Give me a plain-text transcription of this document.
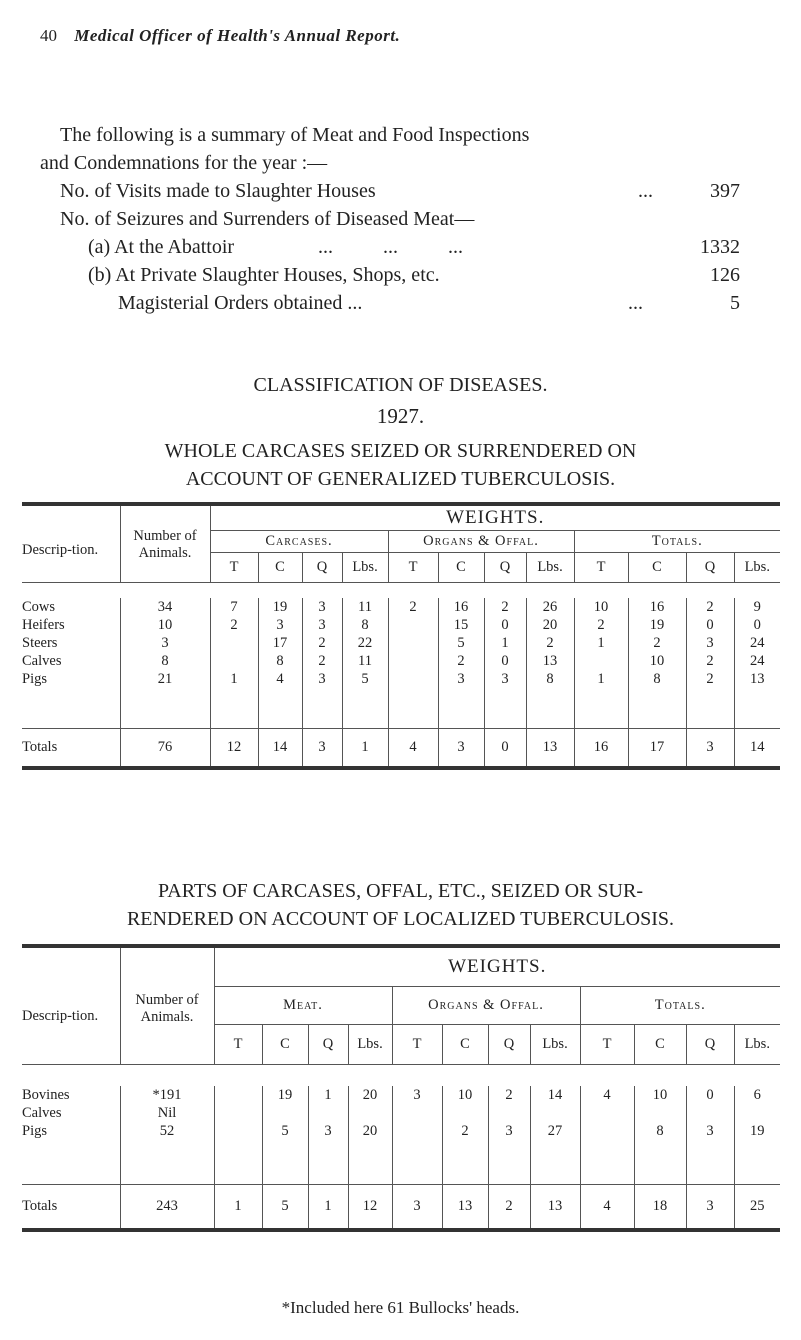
40 Medical Officer of Health's Annual Report.
The following is a summary of Meat and Food Inspections
and Condemnations for the year :—
No. of Visits made to Slaughter Houses	...	397
No. of Seizures and Surrenders of Diseased Meat—
(a) At the Abattoir	...          ...          ...	1332
(b) At Private Slaughter Houses, Shops, etc.	126
Magisterial Orders obtained ...	...	5
CLASSIFICATION OF DISEASES.
1927.
WHOLE CARCASES SEIZED OR SURRENDERED ON
ACCOUNT OF GENERALIZED TUBERCULOSIS.
Descrip-tion.	Number of Animals.	WEIGHTS.											
		Carcases.				Organs & Offal.				Totals.			
		T	C	Q	Lbs.	T	C	Q	Lbs.	T	C	Q	Lbs.

Cows	34	7	19	3	11	2	16	2	26	10	16	2	9
Heifers	10	2	3	3	8		15	0	20	2	19	0	0
Steers	3		17	2	22		5	1	2	1	2	3	24
Calves	8		8	2	11		2	0	13		10	2	24
Pigs	21	1	4	3	5		3	3	8	1	8	2	13

Totals	76	12	14	3	1	4	3	0	13	16	17	3	14
PARTS OF CARCASES, OFFAL, ETC., SEIZED OR SUR-
RENDERED ON ACCOUNT OF LOCALIZED TUBERCULOSIS.
Descrip-tion.	Number of Animals.	WEIGHTS.											
		Meat.				Organs & Offal.				Totals.			
		T	C	Q	Lbs.	T	C	Q	Lbs.	T	C	Q	Lbs.

Bovines	*191		19	1	20	3	10	2	14	4	10	0	6
Calves	Nil												
Pigs	52		5	3	20		2	3	27		8	3	19

Totals	243	1	5	1	12	3	13	2	13	4	18	3	25
*Included here 61 Bullocks' heads.
